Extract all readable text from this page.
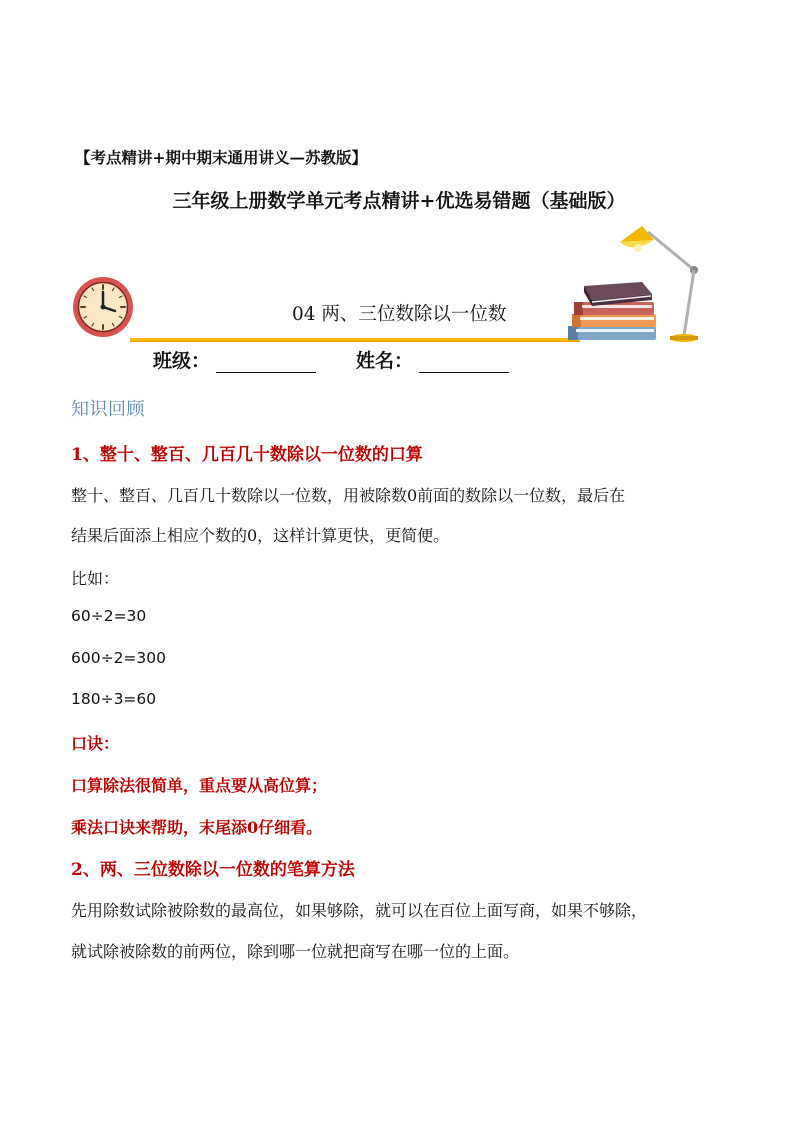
【考点精讲+期中期末通用讲义—苏教版】
三年级上册数学单元考点精讲+优选易错题（基础版）
04 两、三位数除以一位数
班级：	姓名：
知识回顾
1、整十、整百、几百几十数除以一位数的口算
整十、整百、几百几十数除以一位数，用被除数0前面的数除以一位数，最后在
结果后面添上相应个数的0，这样计算更快，更简便。
比如：
60÷2=30
600÷2=300
180÷3=60
口诀：
口算除法很简单，重点要从高位算；
乘法口诀来帮助，末尾添0仔细看。
2、两、三位数除以一位数的笔算方法
先用除数试除被除数的最高位，如果够除，就可以在百位上面写商，如果不够除，
就试除被除数的前两位，除到哪一位就把商写在哪一位的上面。
